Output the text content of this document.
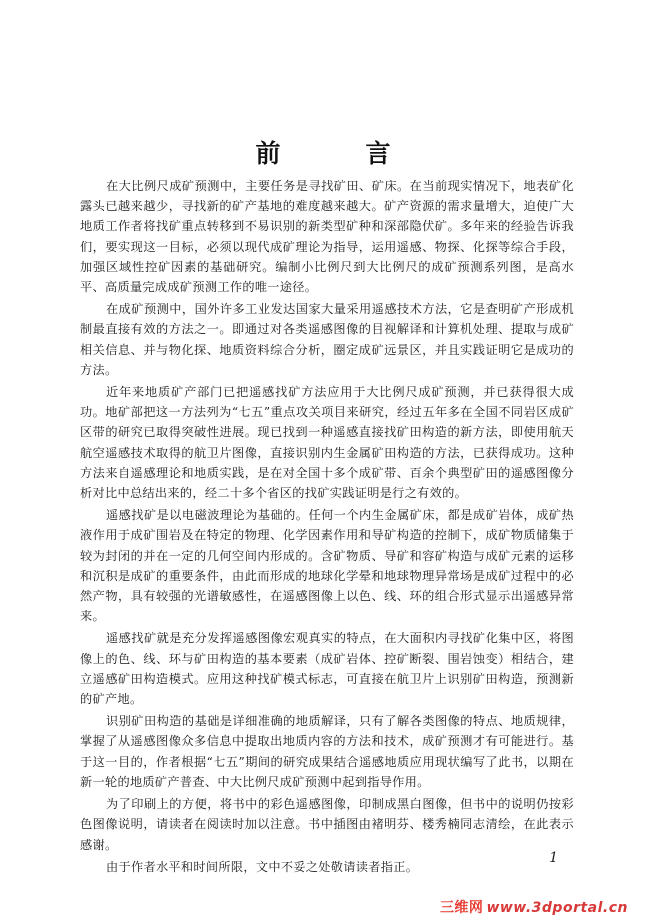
前　言

在大比例尺成矿预测中，主要任务是寻找矿田、矿床。在当前现实情况下，地表矿化露头已越来越少，寻找新的矿产基地的难度越来越大。矿产资源的需求量增大，迫使广大地质工作者将找矿重点转移到不易识别的新类型矿种和深部隐伏矿。多年来的经验告诉我们，要实现这一目标，必须以现代成矿理论为指导，运用遥感、物探、化探等综合手段，加强区域性控矿因素的基础研究。编制小比例尺到大比例尺的成矿预测系列图，是高水平、高质量完成成矿预测工作的唯一途径。

在成矿预测中，国外许多工业发达国家大量采用遥感技术方法，它是查明矿产形成机制最直接有效的方法之一。即通过对各类遥感图像的目视解译和计算机处理、提取与成矿相关信息、并与物化探、地质资料综合分析，圈定成矿远景区，并且实践证明它是成功的方法。

近年来地质矿产部门已把遥感找矿方法应用于大比例尺成矿预测，并已获得很大成功。地矿部把这一方法列为“七五”重点攻关项目来研究，经过五年多在全国不同岩区成矿区带的研究已取得突破性进展。现已找到一种遥感直接找矿田构造的新方法，即使用航天航空遥感技术取得的航卫片图像，直接识别内生金属矿田构造的方法，已获得成功。这种方法来自遥感理论和地质实践，是在对全国十多个成矿带、百余个典型矿田的遥感图像分析对比中总结出来的，经二十多个省区的找矿实践证明是行之有效的。

遥感找矿是以电磁波理论为基础的。任何一个内生金属矿床，都是成矿岩体，成矿热液作用于成矿围岩及在特定的物理、化学因素作用和导矿构造的控制下，成矿物质储集于较为封闭的并在一定的几何空间内形成的。含矿物质、导矿和容矿构造与成矿元素的运移和沉积是成矿的重要条件，由此而形成的地球化学晕和地球物理异常场是成矿过程中的必然产物，具有较强的光谱敏感性，在遥感图像上以色、线、环的组合形式显示出遥感异常来。

遥感找矿就是充分发挥遥感图像宏观真实的特点，在大面积内寻找矿化集中区，将图像上的色、线、环与矿田构造的基本要素（成矿岩体、控矿断裂、围岩蚀变）相结合，建立遥感矿田构造模式。应用这种找矿模式标志，可直接在航卫片上识别矿田构造，预测新的矿产地。

识别矿田构造的基础是详细准确的地质解译，只有了解各类图像的特点、地质规律，掌握了从遥感图像众多信息中提取出地质内容的方法和技术，成矿预测才有可能进行。基于这一目的，作者根据“七五”期间的研究成果结合遥感地质应用现状编写了此书，以期在新一轮的地质矿产普查、中大比例尺成矿预测中起到指导作用。

为了印刷上的方便，将书中的彩色遥感图像，印制成黑白图像，但书中的说明仍按彩色图像说明，请读者在阅读时加以注意。书中插图由褚明芬、楼秀楠同志清绘，在此表示感谢。

由于作者水平和时间所限，文中不妥之处敬请读者指正。

1
三维网 www.3dportal.cn
